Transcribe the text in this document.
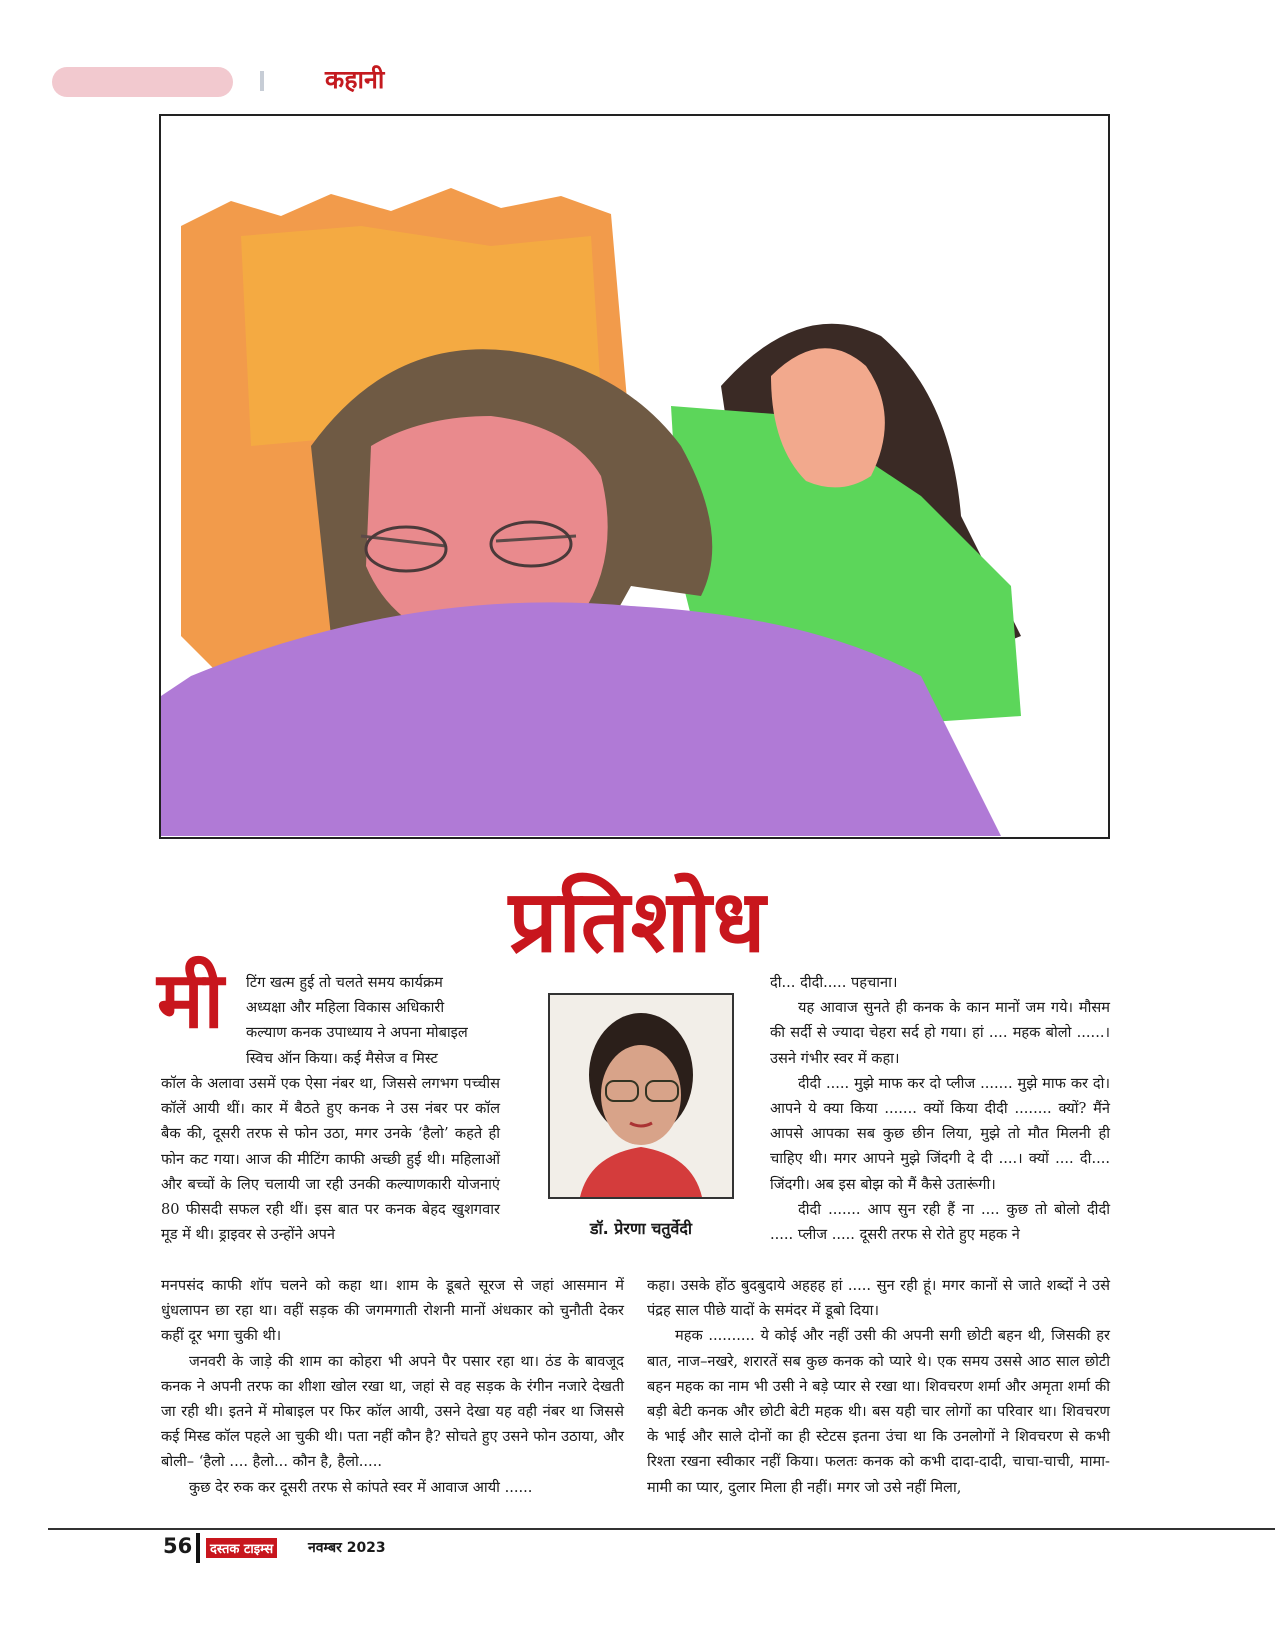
कहानी
प्रतिशोध
मी टिंग खत्म हुई तो चलते समय कार्यक्रम

अध्यक्षा और महिला विकास अधिकारी

कल्याण कनक उपाध्याय ने अपना मोबाइल

स्विच ऑन किया। कई मैसेज व मिस्ट

कॉल के अलावा उसमें एक ऐसा नंबर था, जिससे लगभग पच्चीस कॉलें आयी थीं। कार में बैठते हुए कनक ने उस नंबर पर कॉल बैक की, दूसरी तरफ से फोन उठा, मगर उनके ‘हैलो’ कहते ही फोन कट गया। आज की मीटिंग काफी अच्छी हुई थी। महिलाओं और बच्चों के लिए चलायी जा रही उनकी कल्याणकारी योजनाएं 80 फीसदी सफल रही थीं। इस बात पर कनक बेहद खुशगवार मूड में थी। ड्राइवर से उन्होंने अपने

मनपसंद काफी शॉप चलने को कहा था। शाम के डूबते सूरज से जहां आसमान में धुंधलापन छा रहा था। वहीं सड़क की जगमगाती रोशनी मानों अंधकार को चुनौती देकर कहीं दूर भगा चुकी थी।

जनवरी के जाड़े की शाम का कोहरा भी अपने पैर पसार रहा था। ठंड के बावजूद कनक ने अपनी तरफ का शीशा खोल रखा था, जहां से वह सड़क के रंगीन नजारे देखती जा रही थी। इतने में मोबाइल पर फिर कॉल आयी, उसने देखा यह वही नंबर था जिससे कई मिस्ड कॉल पहले आ चुकी थी। पता नहीं कौन है? सोचते हुए उसने फोन उठाया, और बोली– ‘हैलो .... हैलो... कौन है, हैलो.....

कुछ देर रुक कर दूसरी तरफ से कांपते स्वर में आवाज आयी ......

डॉ. प्रेरणा चतुर्वेदी

दी... दीदी..... पहचाना।

यह आवाज सुनते ही कनक के कान मानों जम गये। मौसम की सर्दी से ज्यादा चेहरा सर्द हो गया। हां .... महक बोलो ......। उसने गंभीर स्वर में कहा।

दीदी ..... मुझे माफ कर दो प्लीज ....... मुझे माफ कर दो। आपने ये क्या किया ....... क्यों किया दीदी ........ क्यों? मैंने आपसे आपका सब कुछ छीन लिया, मुझे तो मौत मिलनी ही चाहिए थी। मगर आपने मुझे जिंदगी दे दी ....। क्यों .... दी.... जिंदगी। अब इस बोझ को मैं कैसे उतारूंगी।

दीदी ....... आप सुन रही हैं ना .... कुछ तो बोलो दीदी ..... प्लीज ..... दूसरी तरफ से रोते हुए महक ने

कहा। उसके होंठ बुदबुदाये अहहह हां ..... सुन रही हूं। मगर कानों से जाते शब्दों ने उसे पंद्रह साल पीछे यादों के समंदर में डूबो दिया।

महक .......... ये कोई और नहीं उसी की अपनी सगी छोटी बहन थी, जिसकी हर बात, नाज–नखरे, शरारतें सब कुछ कनक को प्यारे थे। एक समय उससे आठ साल छोटी बहन महक का नाम भी उसी ने बड़े प्यार से रखा था। शिवचरण शर्मा और अमृता शर्मा की बड़ी बेटी कनक और छोटी बेटी महक थी। बस यही चार लोगों का परिवार था। शिवचरण के भाई और साले दोनों का ही स्टेटस इतना उंचा था कि उनलोगों ने शिवचरण से कभी रिश्ता रखना स्वीकार नहीं किया। फलतः कनक को कभी दादा-दादी, चाचा-चाची, मामा-मामी का प्यार, दुलार मिला ही नहीं। मगर जो उसे नहीं मिला,

56	दस्तक टाइम्स नवम्बर 2023
